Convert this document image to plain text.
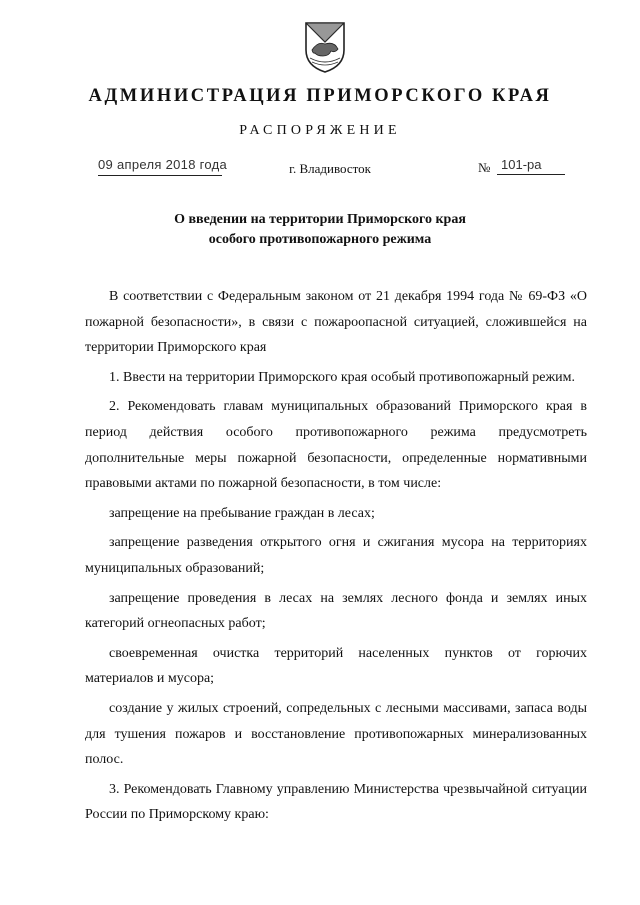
АДМИНИСТРАЦИЯ ПРИМОРСКОГО КРАЯ
РАСПОРЯЖЕНИЕ
09 апреля 2018 года	г. Владивосток	№ 101-ра
О введении на территории Приморского края
особого противопожарного режима

В соответствии с Федеральным законом от 21 декабря 1994 года № 69-ФЗ «О пожарной безопасности», в связи с пожароопасной ситуацией, сложившейся на территории Приморского края

1. Ввести на территории Приморского края особый противопожарный режим.

2. Рекомендовать главам муниципальных образований Приморского края в период действия особого противопожарного режима предусмотреть дополнительные меры пожарной безопасности, определенные нормативными правовыми актами по пожарной безопасности, в том числе:

запрещение на пребывание граждан в лесах;

запрещение разведения открытого огня и сжигания мусора на территориях муниципальных образований;

запрещение проведения в лесах на землях лесного фонда и землях иных категорий огнеопасных работ;

своевременная очистка территорий населенных пунктов от горючих материалов и мусора;

создание у жилых строений, сопредельных с лесными массивами, запаса воды для тушения пожаров и восстановление противопожарных минерализованных полос.

3. Рекомендовать Главному управлению Министерства чрезвычайной ситуации России по Приморскому краю:
